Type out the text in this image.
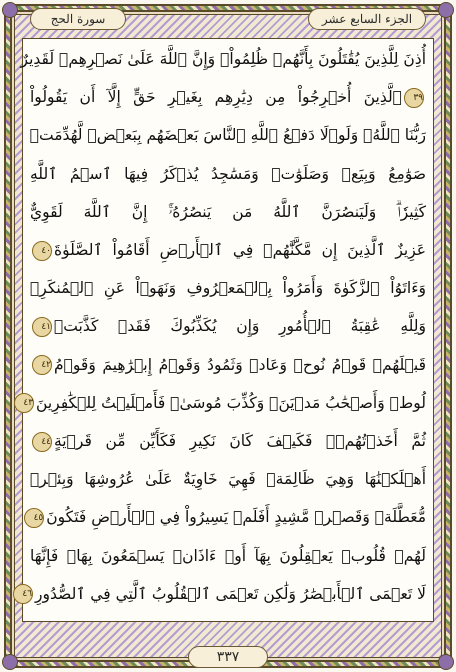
الجزء السابع عشر
سورة الحج
أُذِنَ لِلَّذِينَ يُقَٰتَلُونَ بِأَنَّهُمۡ ظُلِمُواْۚ وَإِنَّ ٱللَّهَ عَلَىٰ نَصۡرِهِمۡ لَقَدِيرٌ
٣٩ٱلَّذِينَ أُخۡرِجُواْ مِن دِيَٰرِهِم بِغَيۡرِ حَقٍّ إِلَّآ أَن يَقُولُواْ
رَبُّنَا ٱللَّهُۗ وَلَوۡلَا دَفۡعُ ٱللَّهِ ٱلنَّاسَ بَعۡضَهُم بِبَعۡضٖ لَّهُدِّمَتۡ
صَوَٰمِعُ وَبِيَعٞ وَصَلَوَٰتٞ وَمَسَٰجِدُ يُذۡكَرُ فِيهَا ٱسۡمُ ٱللَّهِ
كَثِيرٗاۗ وَلَيَنصُرَنَّ ٱللَّهُ مَن يَنصُرُهُۥٓۚ إِنَّ ٱللَّهَ لَقَوِيٌّ
عَزِيزٌ ٱلَّذِينَ إِن مَّكَّنَّٰهُمۡ فِي ٱلۡأَرۡضِ أَقَامُواْ ٱلصَّلَوٰةَ٤٠
وَءَاتَوُاْ ٱلزَّكَوٰةَ وَأَمَرُواْ بِٱلۡمَعۡرُوفِ وَنَهَوۡاْ عَنِ ٱلۡمُنكَرِۗ
وَلِلَّهِ عَٰقِبَةُ ٱلۡأُمُورِ وَإِن يُكَذِّبُوكَ فَقَدۡ كَذَّبَتۡ٤١
قَبۡلَهُمۡ قَوۡمُ نُوحٖ وَعَادٞ وَثَمُودُ وَقَوۡمُ إِبۡرَٰهِيمَ وَقَوۡمُ٤٢
لُوطٖ وَأَصۡحَٰبُ مَدۡيَنَۖ وَكُذِّبَ مُوسَىٰۖ فَأَمۡلَيۡتُ لِلۡكَٰفِرِينَ٤٣
ثُمَّ أَخَذۡتُهُمۡۖ فَكَيۡفَ كَانَ نَكِيرِ فَكَأَيِّن مِّن قَرۡيَةٍ٤٤
أَهۡلَكۡنَٰهَا وَهِيَ ظَالِمَةٞ فَهِيَ خَاوِيَةٌ عَلَىٰ عُرُوشِهَا وَبِئۡرٖ
مُّعَطَّلَةٖ وَقَصۡرٖ مَّشِيدٍ أَفَلَمۡ يَسِيرُواْ فِي ٱلۡأَرۡضِ فَتَكُونَ٤٥
لَهُمۡ قُلُوبٞ يَعۡقِلُونَ بِهَآ أَوۡ ءَاذَانٞ يَسۡمَعُونَ بِهَاۖ فَإِنَّهَا
لَا تَعۡمَى ٱلۡأَبۡصَٰرُ وَلَٰكِن تَعۡمَى ٱلۡقُلُوبُ ٱلَّتِي فِي ٱلصُّدُورِ٤٦
٣٣٧
